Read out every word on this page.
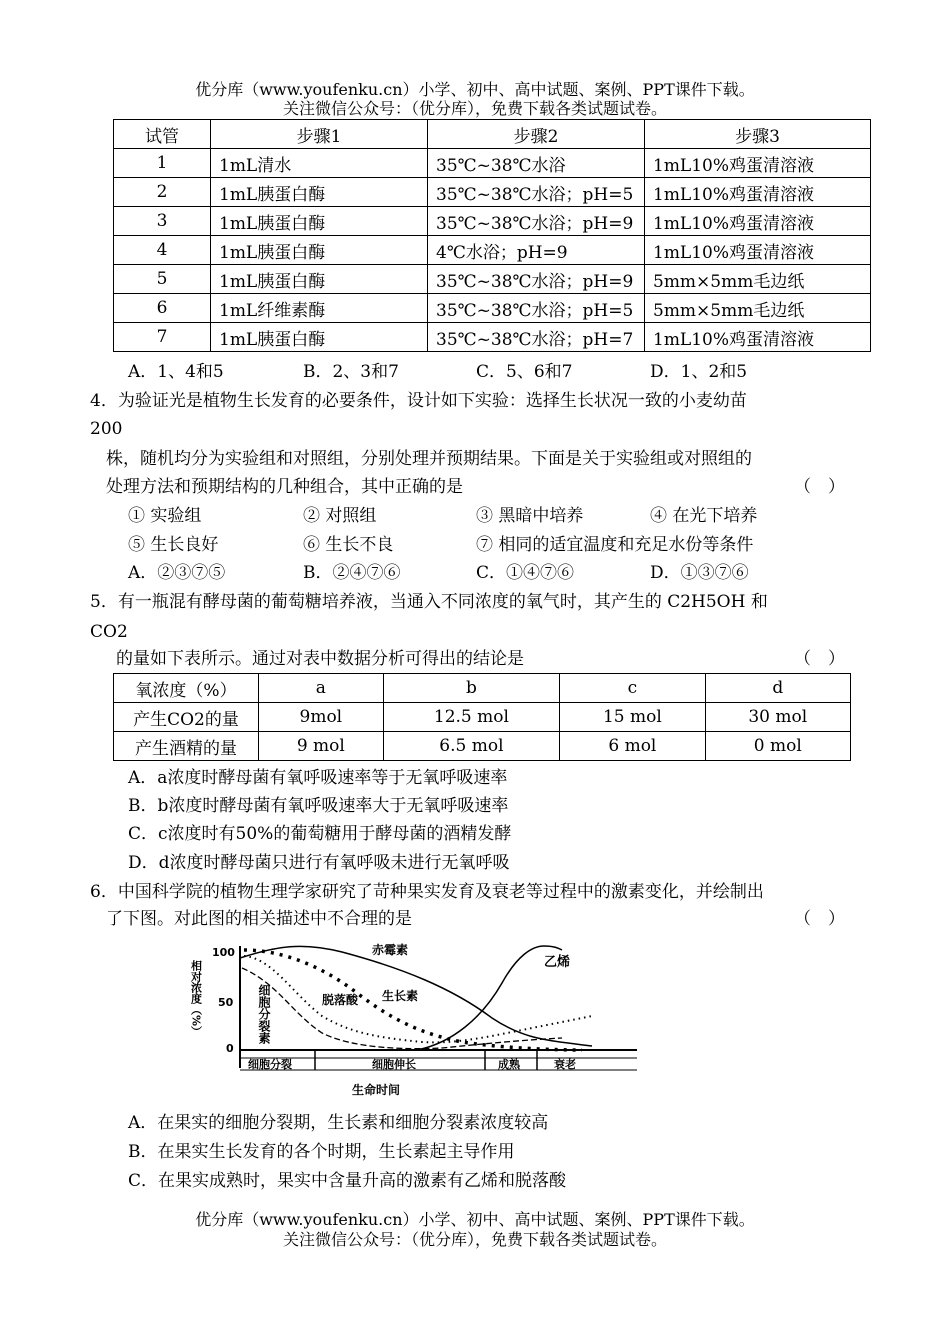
优分库（www.youfenku.cn）小学、初中、高中试题、案例、PPT课件下载。
关注微信公众号：（优分库），免费下载各类试题试卷。
试管	步骤1	步骤2	步骤3
1	1mL清水	35℃~38℃水浴	1mL10%鸡蛋清溶液
2	1mL胰蛋白酶	35℃~38℃水浴；pH=5	1mL10%鸡蛋清溶液
3	1mL胰蛋白酶	35℃~38℃水浴；pH=9	1mL10%鸡蛋清溶液
4	1mL胰蛋白酶	4℃水浴；pH=9	1mL10%鸡蛋清溶液
5	1mL胰蛋白酶	35℃~38℃水浴；pH=9	5mm×5mm毛边纸
6	1mL纤维素酶	35℃~38℃水浴；pH=5	5mm×5mm毛边纸
7	1mL胰蛋白酶	35℃~38℃水浴；pH=7	1mL10%鸡蛋清溶液
A．1、4和5	B．2、3和7	C．5、6和7	D．1、2和5
4．为验证光是植物生长发育的必要条件，设计如下实验：选择生长状况一致的小麦幼苗
200
株，随机均分为实验组和对照组，分别处理并预期结果。下面是关于实验组或对照组的
处理方法和预期结构的几种组合，其中正确的是	（　）
① 实验组	② 对照组	③ 黑暗中培养	④ 在光下培养
⑤ 生长良好	⑥ 生长不良	⑦ 相同的适宜温度和充足水份等条件
A．②③⑦⑤	B．②④⑦⑥	C．①④⑦⑥	D．①③⑦⑥
5．有一瓶混有酵母菌的葡萄糖培养液，当通入不同浓度的氧气时，其产生的 C2H5OH 和
CO2
的量如下表所示。通过对表中数据分析可得出的结论是	（　）
氧浓度（%）	a	b	c	d
产生CO2的量	9mol	12.5 mol	15 mol	30 mol
产生酒精的量	9 mol	6.5 mol	6 mol	0 mol
A．a浓度时酵母菌有氧呼吸速率等于无氧呼吸速率
B．b浓度时酵母菌有氧呼吸速率大于无氧呼吸速率
C．c浓度时有50%的葡萄糖用于酵母菌的酒精发酵
D．d浓度时酵母菌只进行有氧呼吸未进行无氧呼吸
6．中国科学院的植物生理学家研究了苛种果实发育及衰老等过程中的激素变化，并绘制出
了下图。对此图的相关描述中不合理的是	（　）
相对浓度（%）
100
50
0
细胞分裂	细胞伸长	成熟	衰老
生命时间
赤霉素
乙烯
细胞分裂素	脱落酸 生长素
A．在果实的细胞分裂期，生长素和细胞分裂素浓度较高
B．在果实生长发育的各个时期，生长素起主导作用
C．在果实成熟时，果实中含量升高的激素有乙烯和脱落酸
优分库（www.youfenku.cn）小学、初中、高中试题、案例、PPT课件下载。
关注微信公众号：（优分库），免费下载各类试题试卷。
